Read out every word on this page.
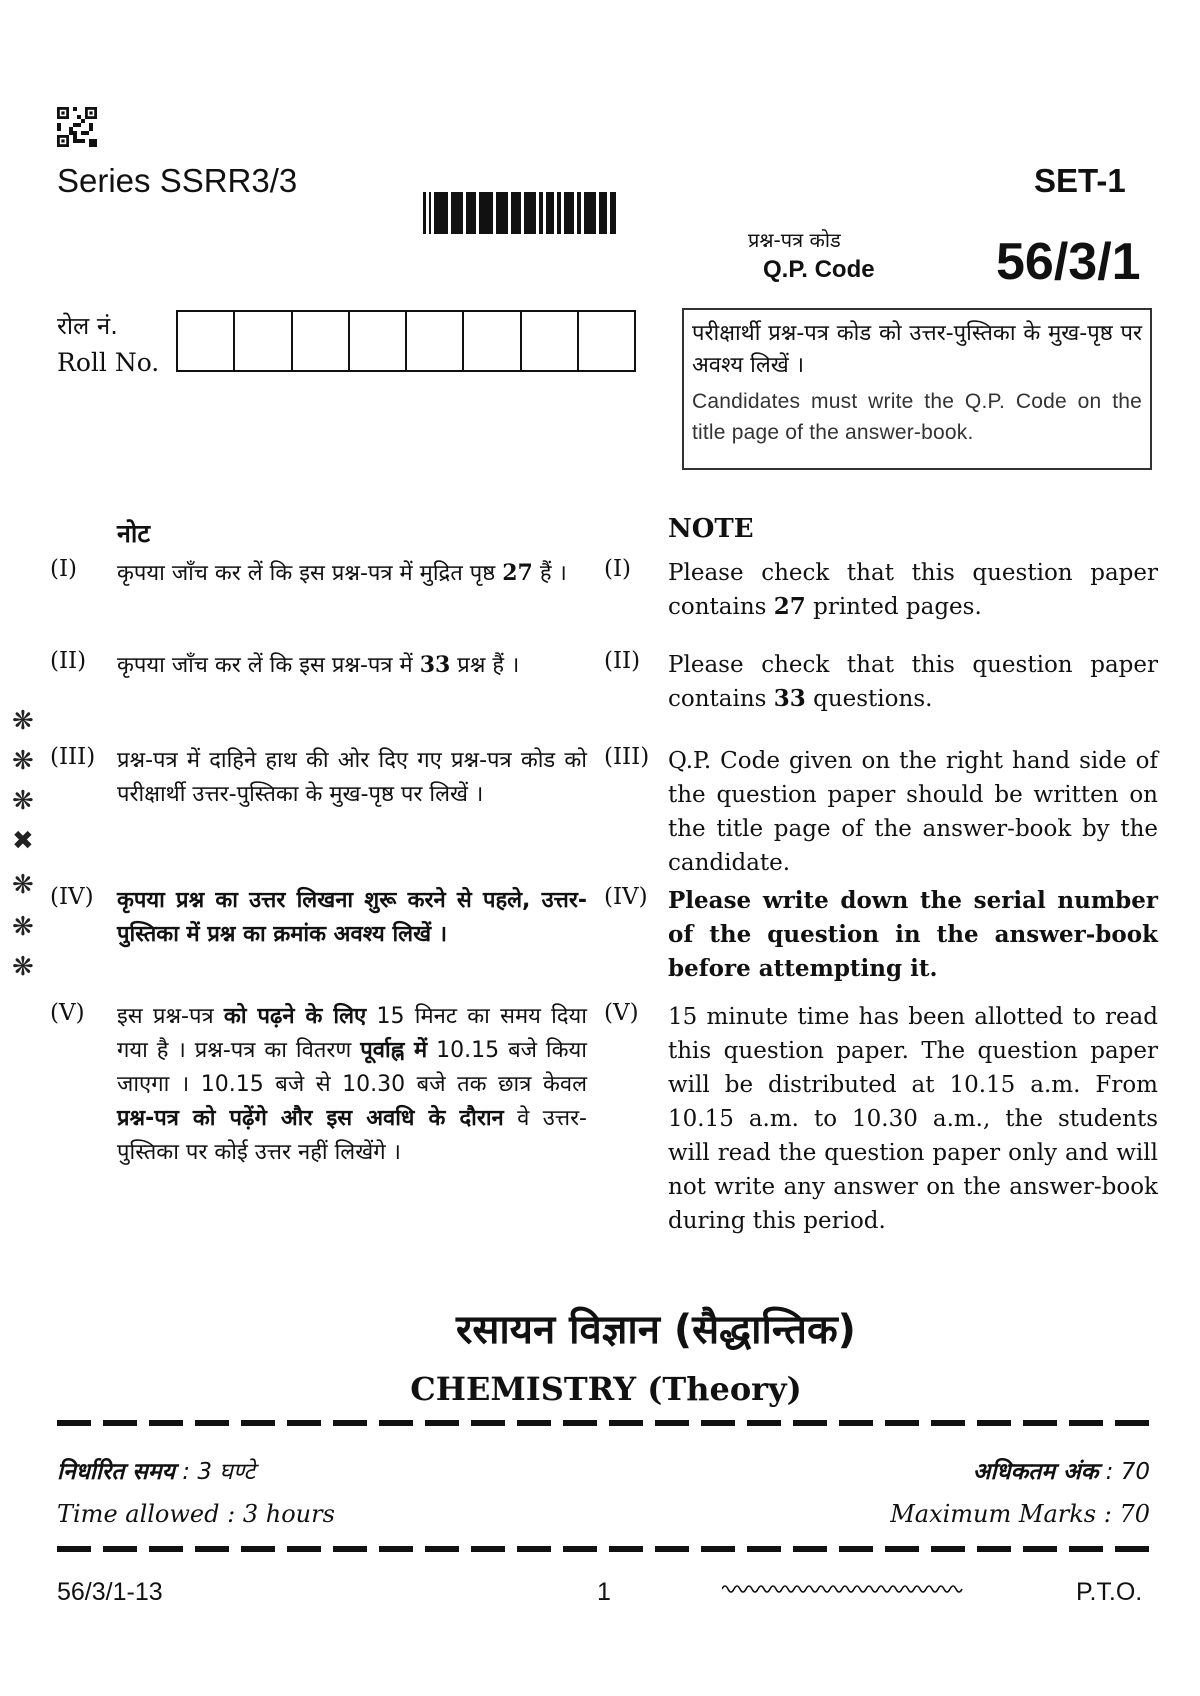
Series SSRR3/3	SET-1
प्रश्न-पत्र कोड
Q.P. Code 56/3/1
रोल नं.
Roll No.
परीक्षार्थी प्रश्न-पत्र कोड को उत्तर-पुस्तिका के मुख-पृष्ठ पर अवश्य लिखें ।
Candidates must write the Q.P. Code on the title page of the answer-book.
❋
❋
❋
✖
❋
❋
❋
नोट	NOTE
(I) कृपया जाँच कर लें कि इस प्रश्न-पत्र में मुद्रित पृष्ठ 27 हैं ।	(I) Please check that this question paper contains 27 printed pages.
(II) कृपया जाँच कर लें कि इस प्रश्न-पत्र में 33 प्रश्न हैं ।	(II) Please check that this question paper contains 33 questions.
(III) प्रश्न-पत्र में दाहिने हाथ की ओर दिए गए प्रश्न-पत्र कोड को परीक्षार्थी उत्तर-पुस्तिका के मुख-पृष्ठ पर लिखें ।
(III) Q.P. Code given on the right hand side of the question paper should be written on the title page of the answer-book by the candidate.
(IV) कृपया प्रश्न का उत्तर लिखना शुरू करने से पहले, उत्तर-पुस्तिका में प्रश्न का क्रमांक अवश्य लिखें ।
(IV) Please write down the serial number of the question in the answer-book before attempting it.
(V) इस प्रश्न-पत्र को पढ़ने के लिए 15 मिनट का समय दिया गया है । प्रश्न-पत्र का वितरण पूर्वाह्न में 10.15 बजे किया जाएगा । 10.15 बजे से 10.30 बजे तक छात्र केवल प्रश्न-पत्र को पढ़ेंगे और इस अवधि के दौरान वे उत्तर-पुस्तिका पर कोई उत्तर नहीं लिखेंगे ।
(V) 15 minute time has been allotted to read this question paper. The question paper will be distributed at 10.15 a.m. From 10.15 a.m. to 10.30 a.m., the students will read the question paper only and will not write any answer on the answer-book during this period.
रसायन विज्ञान (सैद्धान्तिक)
CHEMISTRY (Theory)
निर्धारित समय : 3 घण्टे	अधिकतम अंक : 70
Time allowed : 3 hours	Maximum Marks : 70
56/3/1-13	1	P.T.O.
